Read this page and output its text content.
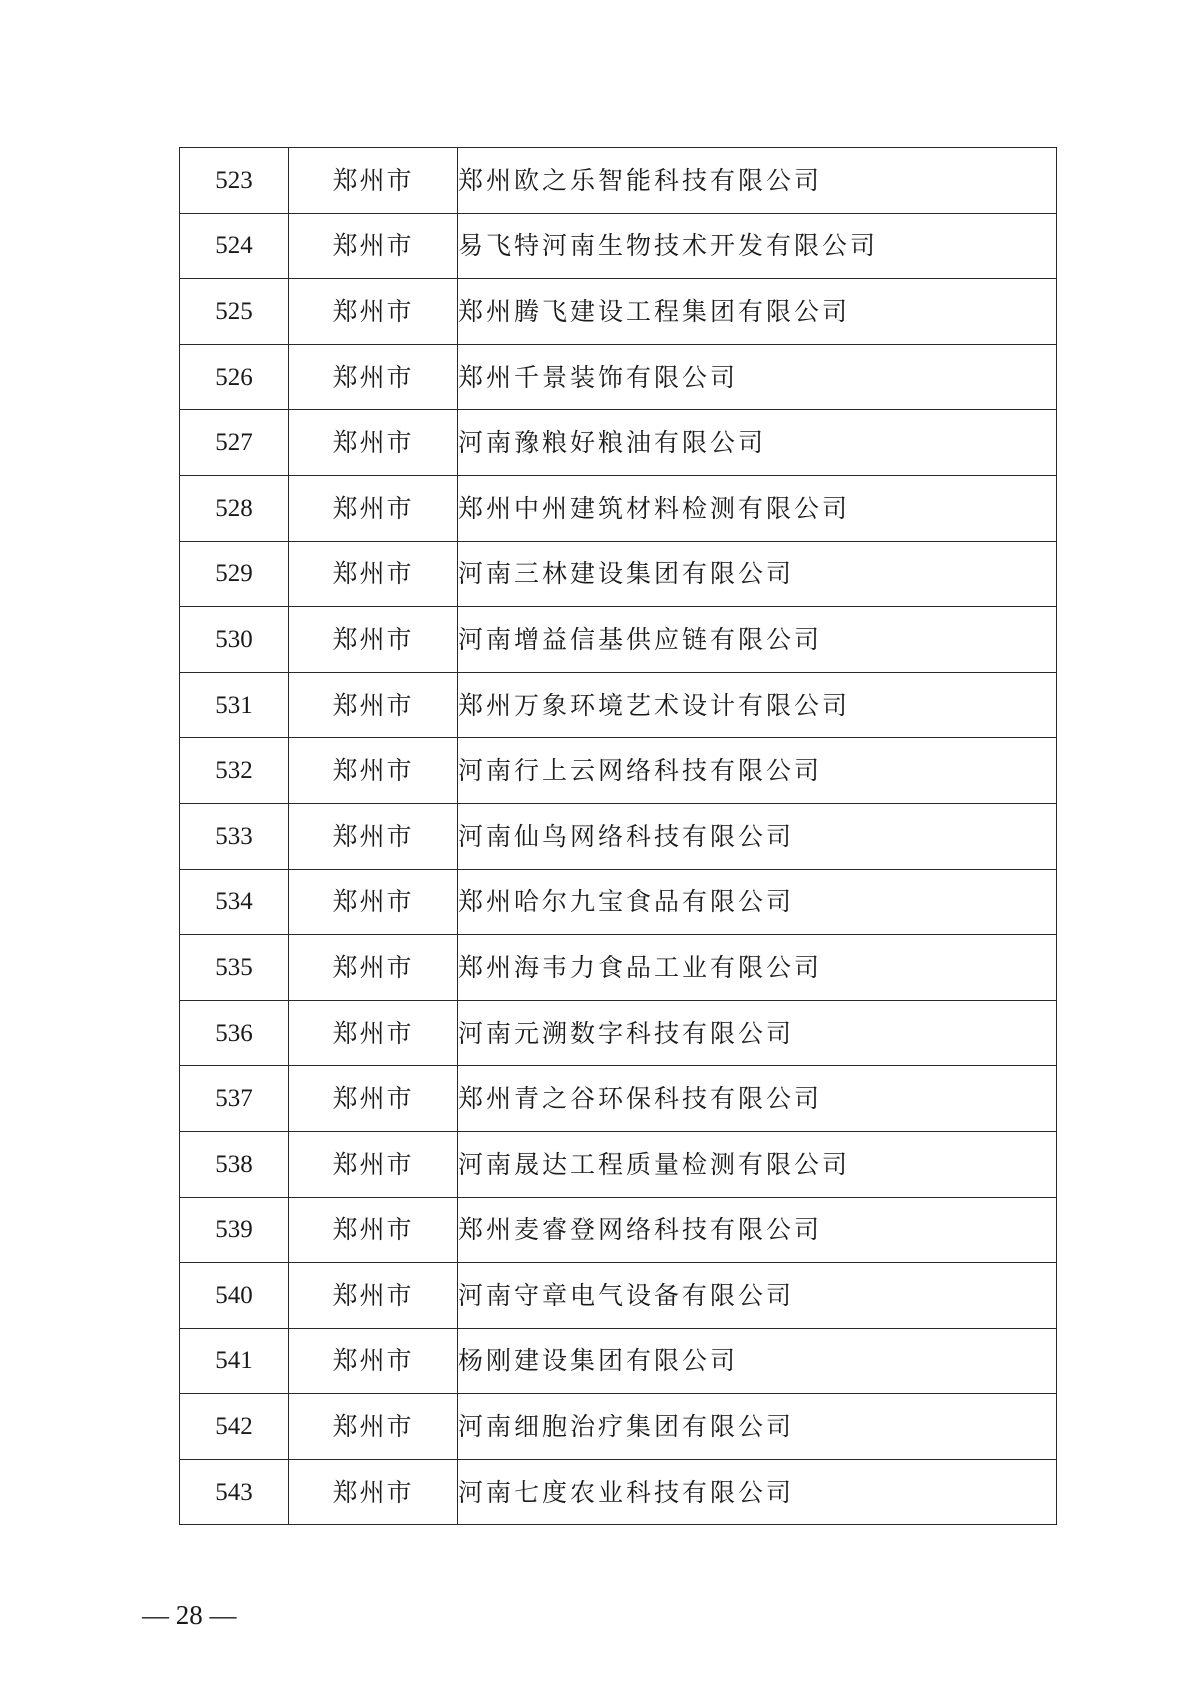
523	郑州市	郑州欧之乐智能科技有限公司
524	郑州市	易飞特河南生物技术开发有限公司
525	郑州市	郑州腾飞建设工程集团有限公司
526	郑州市	郑州千景装饰有限公司
527	郑州市	河南豫粮好粮油有限公司
528	郑州市	郑州中州建筑材料检测有限公司
529	郑州市	河南三林建设集团有限公司
530	郑州市	河南增益信基供应链有限公司
531	郑州市	郑州万象环境艺术设计有限公司
532	郑州市	河南行上云网络科技有限公司
533	郑州市	河南仙鸟网络科技有限公司
534	郑州市	郑州哈尔九宝食品有限公司
535	郑州市	郑州海韦力食品工业有限公司
536	郑州市	河南元溯数字科技有限公司
537	郑州市	郑州青之谷环保科技有限公司
538	郑州市	河南晟达工程质量检测有限公司
539	郑州市	郑州麦睿登网络科技有限公司
540	郑州市	河南守章电气设备有限公司
541	郑州市	杨刚建设集团有限公司
542	郑州市	河南细胞治疗集团有限公司
543	郑州市	河南七度农业科技有限公司
— 28 —
